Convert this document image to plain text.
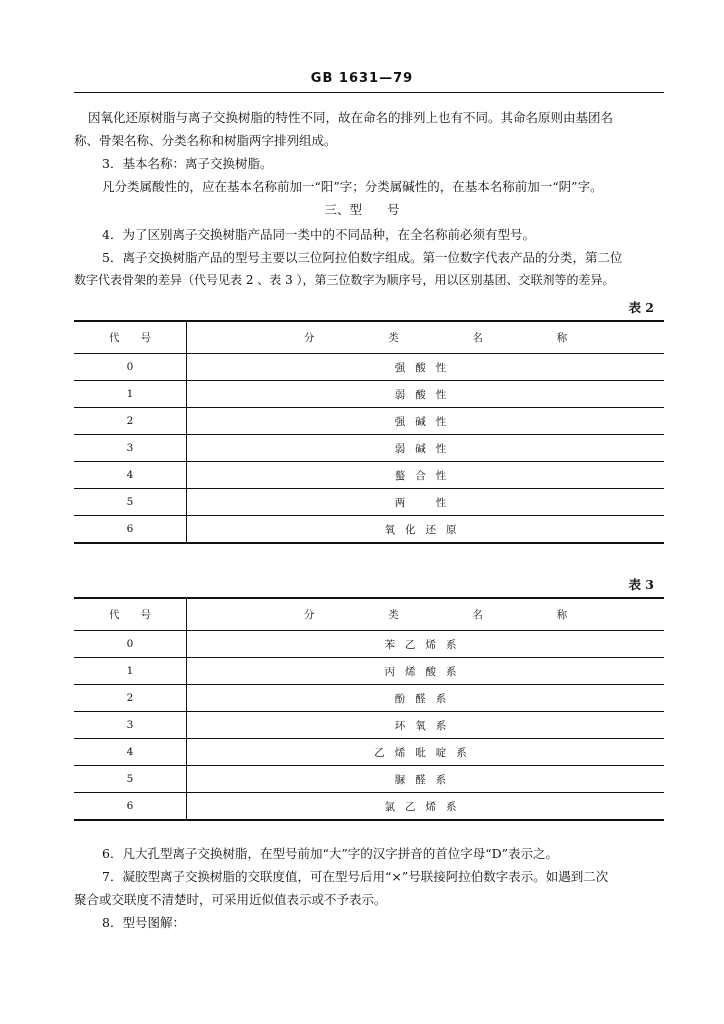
GB 1631—79
因氧化还原树脂与离子交换树脂的特性不同，故在命名的排列上也有不同。其命名原则由基团名
称、骨架名称、分类名称和树脂两字排列组成。
3．基本名称：离子交换树脂。
凡分类属酸性的，应在基本名称前加一“阳”字；分类属碱性的，在基本名称前加一“阴”字。
三、型　　号
4．为了区别离子交换树脂产品同一类中的不同品种，在全名称前必须有型号。
5．离子交换树脂产品的型号主要以三位阿拉伯数字组成。第一位数字代表产品的分类，第二位
数字代表骨架的差异（代号见表 2 、表 3 ），第三位数字为顺序号，用以区别基团、交联剂等的差异。
表 2
代　　号	分 类 名 称

0	强酸性
1	弱酸性
2	强碱性
3	弱碱性
4	螯合性
5	两　性
6	氧化还原
表 3
代　　号	分 类 名 称

0	苯乙烯系
1	丙烯酸系
2	酚醛系
3	环氧系
4	乙烯吡啶系
5	脲醛系
6	氯乙烯系
6．凡大孔型离子交换树脂，在型号前加“大”字的汉字拼音的首位字母“D”表示之。
7．凝胶型离子交换树脂的交联度值，可在型号后用“×”号联接阿拉伯数字表示。如遇到二次
聚合或交联度不清楚时，可采用近似值表示或不予表示。
8．型号图解：
